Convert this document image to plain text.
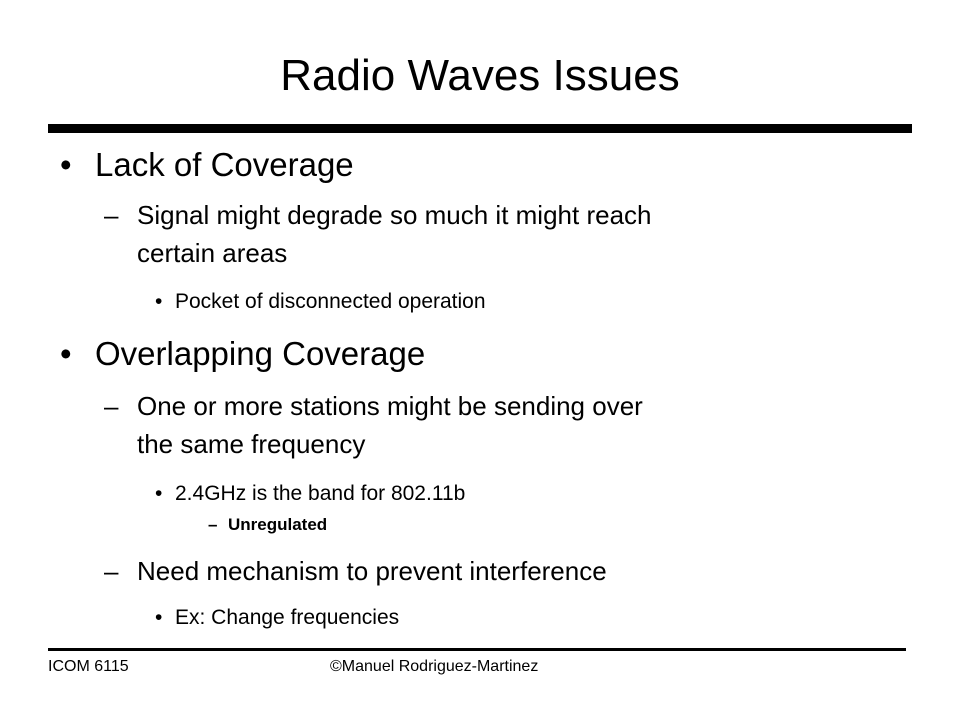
Radio Waves Issues
• Lack of Coverage
– Signal might degrade so much it might reach
certain areas
• Pocket of disconnected operation
• Overlapping Coverage
– One or more stations might be sending over
the same frequency
• 2.4GHz is the band for 802.11b
– Unregulated
– Need mechanism to prevent interference
• Ex: Change frequencies
ICOM 6115	©Manuel Rodriguez-Martinez
